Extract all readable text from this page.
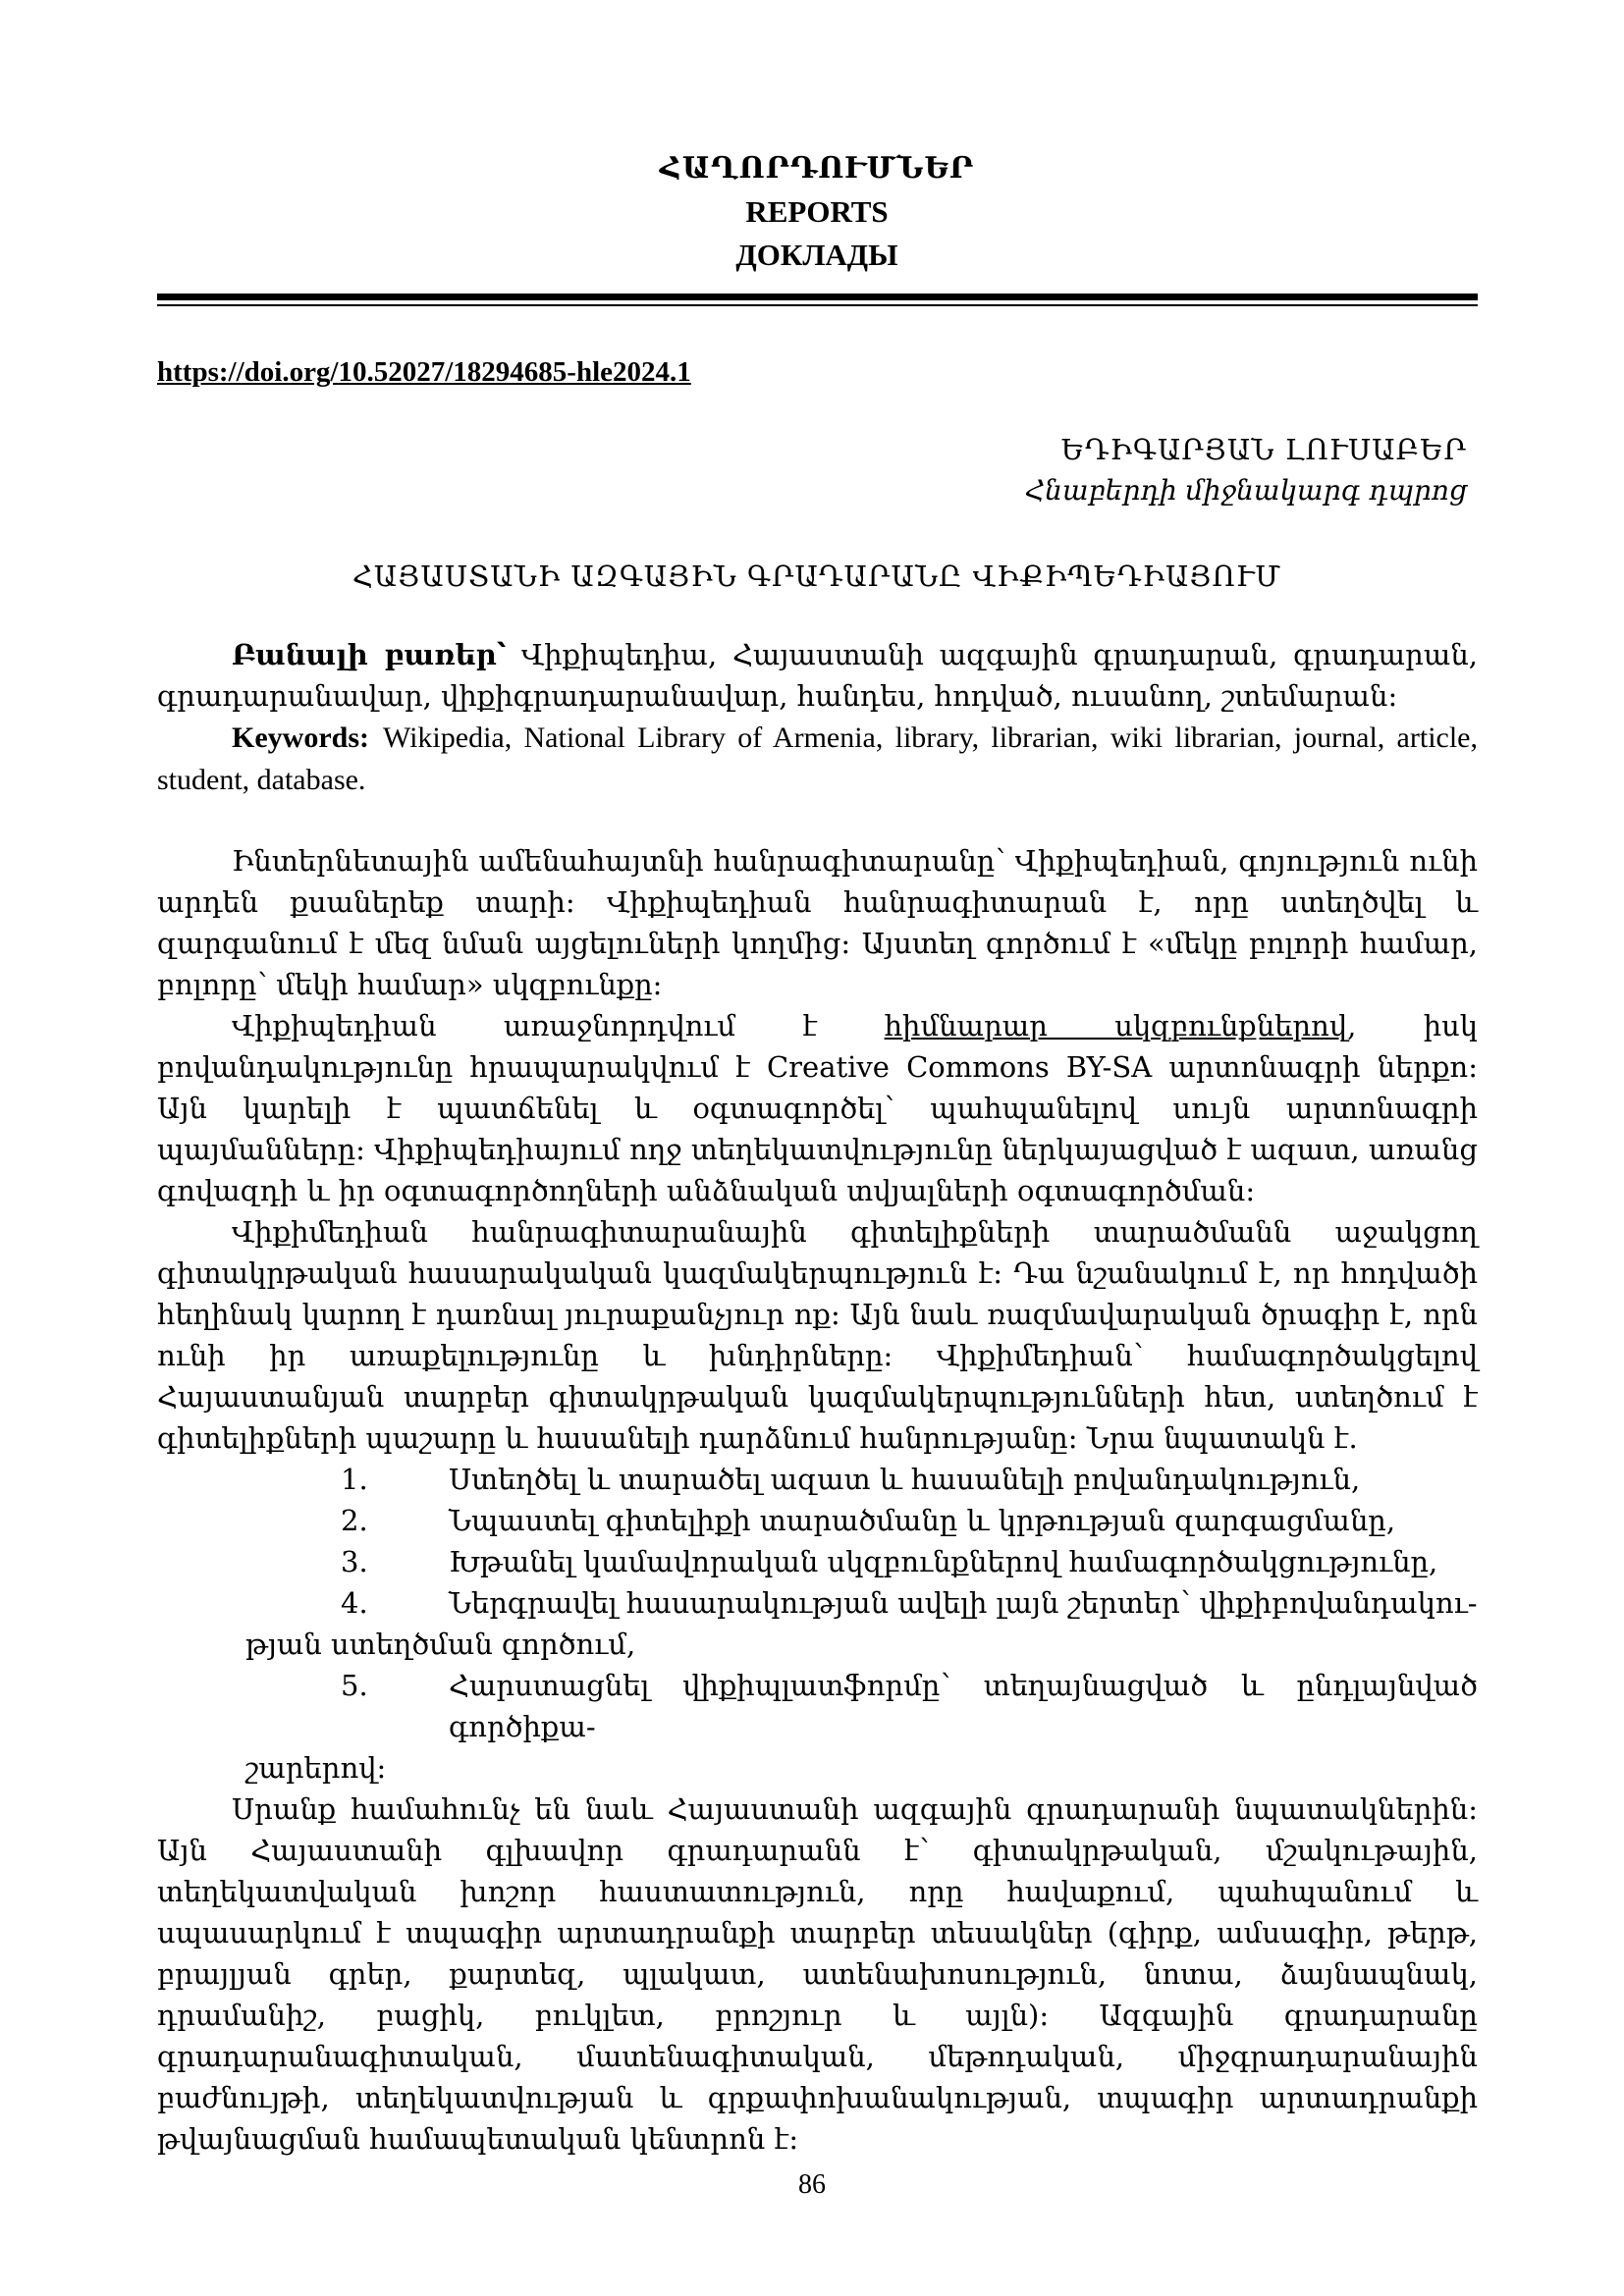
ՀԱՂՈՐԴՈՒՄՆԵՐ
REPORTS
ДОКЛАДЫ
https://doi.org/10.52027/18294685-hle2024.1
ԵԴԻԳԱՐՅԱՆ ԼՈՒՍԱԲԵՐ
Հնաբերդի միջնակարգ դպրոց
ՀԱՅԱՍՏԱՆԻ ԱԶԳԱՅԻՆ ԳՐԱԴԱՐԱՆԸ ՎԻՔԻՊԵԴԻԱՅՈՒՄ

Բանալի բառեր՝ Վիքիպեդիա, Հայաստանի ազգային գրադարան, գրադարան, գրադարանավար, վիքիգրադարանավար, հանդես, հոդված, ուսանող, շտեմարան:

Keywords: Wikipedia, National Library of Armenia, library, librarian, wiki librarian, journal, article, student, database.

Ինտերնետային ամենահայտնի հանրագիտարանը՝ Վիքիպեդիան, գոյություն ունի արդեն քսաներեք տարի: Վիքիպեդիան հանրագիտարան է, որը ստեղծվել և զարգանում է մեզ նման այցելուների կողմից: Այստեղ գործում է «մեկը բոլորի համար, բոլորը՝ մեկի համար» սկզբունքը:

Վիքիպեդիան առաջնորդվում է հիմնարար սկզբունքներով, իսկ բովանդակությունը հրապարակվում է Creative Commons BY-SA արտոնագրի ներքո: Այն կարելի է պատճենել և օգտագործել՝ պահպանելով սույն արտոնագրի պայմանները: Վիքիպեդիայում ողջ տեղեկատվությունը ներկայացված է ազատ, առանց գովազդի և իր օգտագործողների անձնական տվյալների օգտագործման:

Վիքիմեդիան հանրագիտարանային գիտելիքների տարածմանն աջակցող գիտակրթական հասարակական կազմակերպություն է: Դա նշանակում է, որ հոդվածի հեղինակ կարող է դառնալ յուրաքանչյուր ոք: Այն նաև ռազմավարական ծրագիր է, որն ունի իր առաքելությունը և խնդիրները: Վիքիմեդիան՝ համագործակցելով Հայաստանյան տարբեր գիտակրթական կազմակերպությունների հետ, ստեղծում է գիտելիքների պաշարը և հասանելի դարձնում հանրությանը: Նրա նպատակն է.

1.	Ստեղծել և տարածել ազատ և հասանելի բովանդակություն,
2.	Նպաստել գիտելիքի տարածմանը և կրթության զարգացմանը,
3.	Խթանել կամավորական սկզբունքներով համագործակցությունը,
4.	Ներգրավել հասարակության ավելի լայն շերտեր՝ վիքիբովանդակու-
թյան ստեղծման գործում,
5.	Հարստացնել վիքիպլատֆորմը՝ տեղայնացված և ընդլայնված գործիքա-
շարերով:

Սրանք համահունչ են նաև Հայաստանի ազգային գրադարանի նպատակներին: Այն Հայաստանի գլխավոր գրադարանն է՝ գիտակրթական, մշակութային, տեղեկատվական խոշոր հաստատություն, որը հավաքում, պահպանում և սպասարկում է տպագիր արտադրանքի տարբեր տեսակներ (գիրք, ամսագիր, թերթ, բրայլյան գրեր, քարտեզ, պլակատ, ատենախոսություն, նոտա, ձայնապնակ, դրամանիշ, բացիկ, բուկլետ, բրոշյուր և այլն): Ազգային գրադարանը գրադարանագիտական, մատենագիտական, մեթոդական, միջգրադարանային բաժնույթի, տեղեկատվության և գրքափոխանակության, տպագիր արտադրանքի թվայնացման համապետական կենտրոն է:

86
